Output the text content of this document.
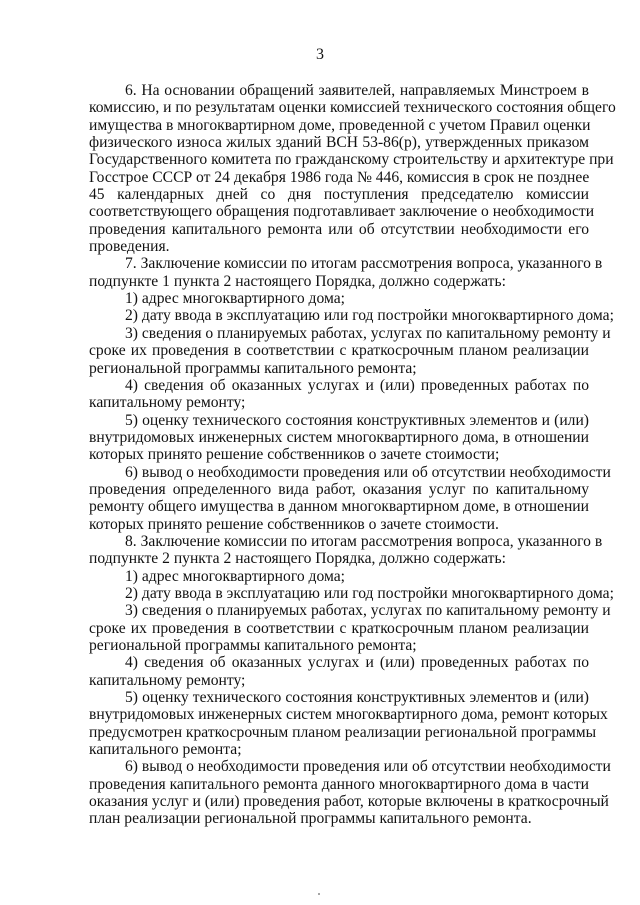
3
6. На основании обращений заявителей, направляемых Минстроем в
комиссию, и по результатам оценки комиссией технического состояния общего
имущества в многоквартирном доме, проведенной с учетом Правил оценки
физического износа жилых зданий ВСН 53-86(р), утвержденных приказом
Государственного комитета по гражданскому строительству и архитектуре при
Госстрое СССР от 24 декабря 1986 года № 446, комиссия в срок не позднее
45 календарных дней со дня поступления председателю комиссии
соответствующего обращения подготавливает заключение о необходимости
проведения капитального ремонта или об отсутствии необходимости его
проведения.
7. Заключение комиссии по итогам рассмотрения вопроса, указанного в
подпункте 1 пункта 2 настоящего Порядка, должно содержать:
1) адрес многоквартирного дома;
2) дату ввода в эксплуатацию или год постройки многоквартирного дома;
3) сведения о планируемых работах, услугах по капитальному ремонту и
сроке их проведения в соответствии с краткосрочным планом реализации
региональной программы капитального ремонта;
4) сведения об оказанных услугах и (или) проведенных работах по
капитальному ремонту;
5) оценку технического состояния конструктивных элементов и (или)
внутридомовых инженерных систем многоквартирного дома, в отношении
которых принято решение собственников о зачете стоимости;
6) вывод о необходимости проведения или об отсутствии необходимости
проведения определенного вида работ, оказания услуг по капитальному
ремонту общего имущества в данном многоквартирном доме, в отношении
которых принято решение собственников о зачете стоимости.
8. Заключение комиссии по итогам рассмотрения вопроса, указанного в
подпункте 2 пункта 2 настоящего Порядка, должно содержать:
1) адрес многоквартирного дома;
2) дату ввода в эксплуатацию или год постройки многоквартирного дома;
3) сведения о планируемых работах, услугах по капитальному ремонту и
сроке их проведения в соответствии с краткосрочным планом реализации
региональной программы капитального ремонта;
4) сведения об оказанных услугах и (или) проведенных работах по
капитальному ремонту;
5) оценку технического состояния конструктивных элементов и (или)
внутридомовых инженерных систем многоквартирного дома, ремонт которых
предусмотрен краткосрочным планом реализации региональной программы
капитального ремонта;
6) вывод о необходимости проведения или об отсутствии необходимости
проведения капитального ремонта данного многоквартирного дома в части
оказания услуг и (или) проведения работ, которые включены в краткосрочный
план реализации региональной программы капитального ремонта.
